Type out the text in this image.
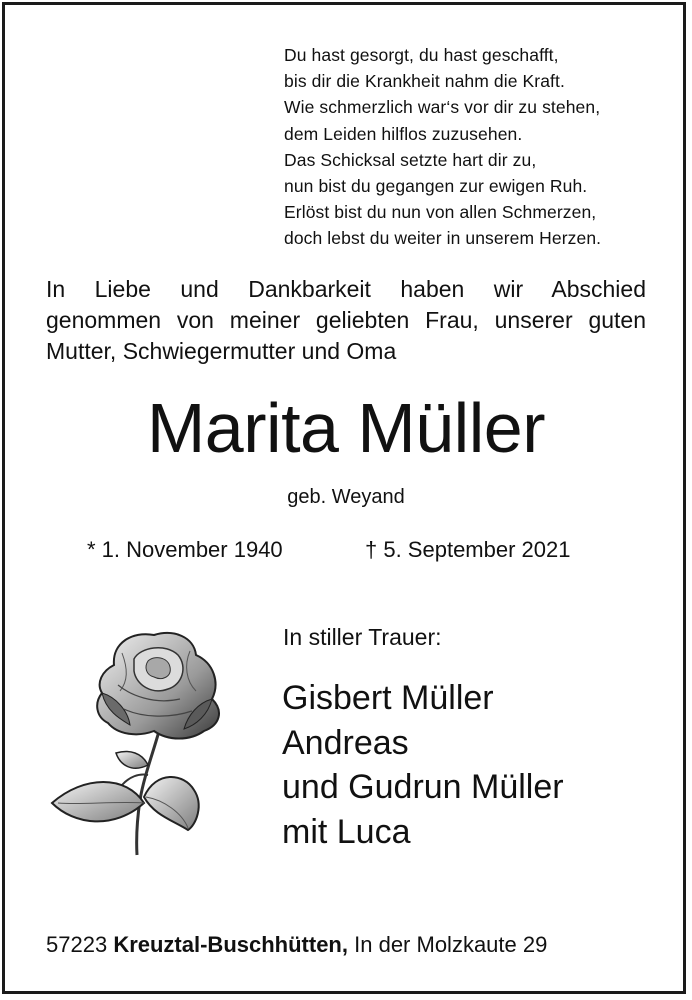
Du hast gesorgt, du hast geschafft,
bis dir die Krankheit nahm die Kraft.
Wie schmerzlich war‘s vor dir zu stehen,
dem Leiden hilflos zuzusehen.
Das Schicksal setzte hart dir zu,
nun bist du gegangen zur ewigen Ruh.
Erlöst bist du nun von allen Schmerzen,
doch lebst du weiter in unserem Herzen.
In Liebe und Dankbarkeit haben wir Abschied
genommen von meiner geliebten Frau, unserer guten
Mutter, Schwiegermutter und Oma
Marita Müller
geb. Weyand
* 1. November 1940	† 5. September 2021
In stiller Trauer:
Gisbert Müller
Andreas
und Gudrun Müller
mit Luca
57223 Kreuztal-Buschhütten, In der Molzkaute 29
